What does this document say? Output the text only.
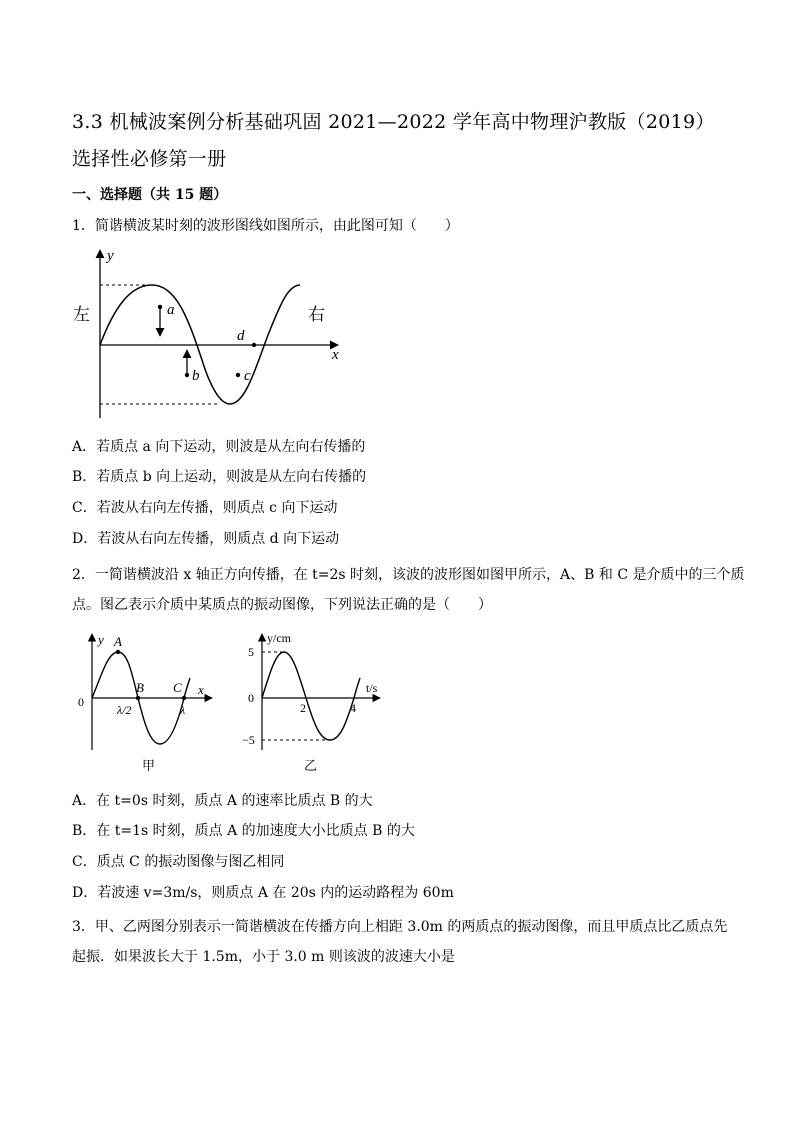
3.3 机械波案例分析基础巩固 2021—2022 学年高中物理沪教版（2019）
选择性必修第一册
一、选择题（共 15 题）
1．简谐横波某时刻的波形图线如图所示，由此图可知（　　）
y
x
左	右
a
b	c
d
A．若质点 a 向下运动，则波是从左向右传播的
B．若质点 b 向上运动，则波是从左向右传播的
C．若波从右向左传播，则质点 c 向下运动
D．若波从右向左传播，则质点 d 向下运动
2．一简谐横波沿 x 轴正方向传播，在 t=2s 时刻，该波的波形图如图甲所示，A、B 和 C 是介质中的三个质
点。图乙表示介质中某质点的振动图像，下列说法正确的是（　　）
y A
B C x
0
λ/2	λ
甲
y/cm
t/s
5
−5
0
2	4
乙
A．在 t=0s 时刻，质点 A 的速率比质点 B 的大
B．在 t=1s 时刻，质点 A 的加速度大小比质点 B 的大
C．质点 C 的振动图像与图乙相同
D．若波速 v=3m/s，则质点 A 在 20s 内的运动路程为 60m
3．甲、乙两图分别表示一简谐横波在传播方向上相距 3.0m 的两质点的振动图像，而且甲质点比乙质点先
起振．如果波长大于 1.5m，小于 3.0 m 则该波的波速大小是
